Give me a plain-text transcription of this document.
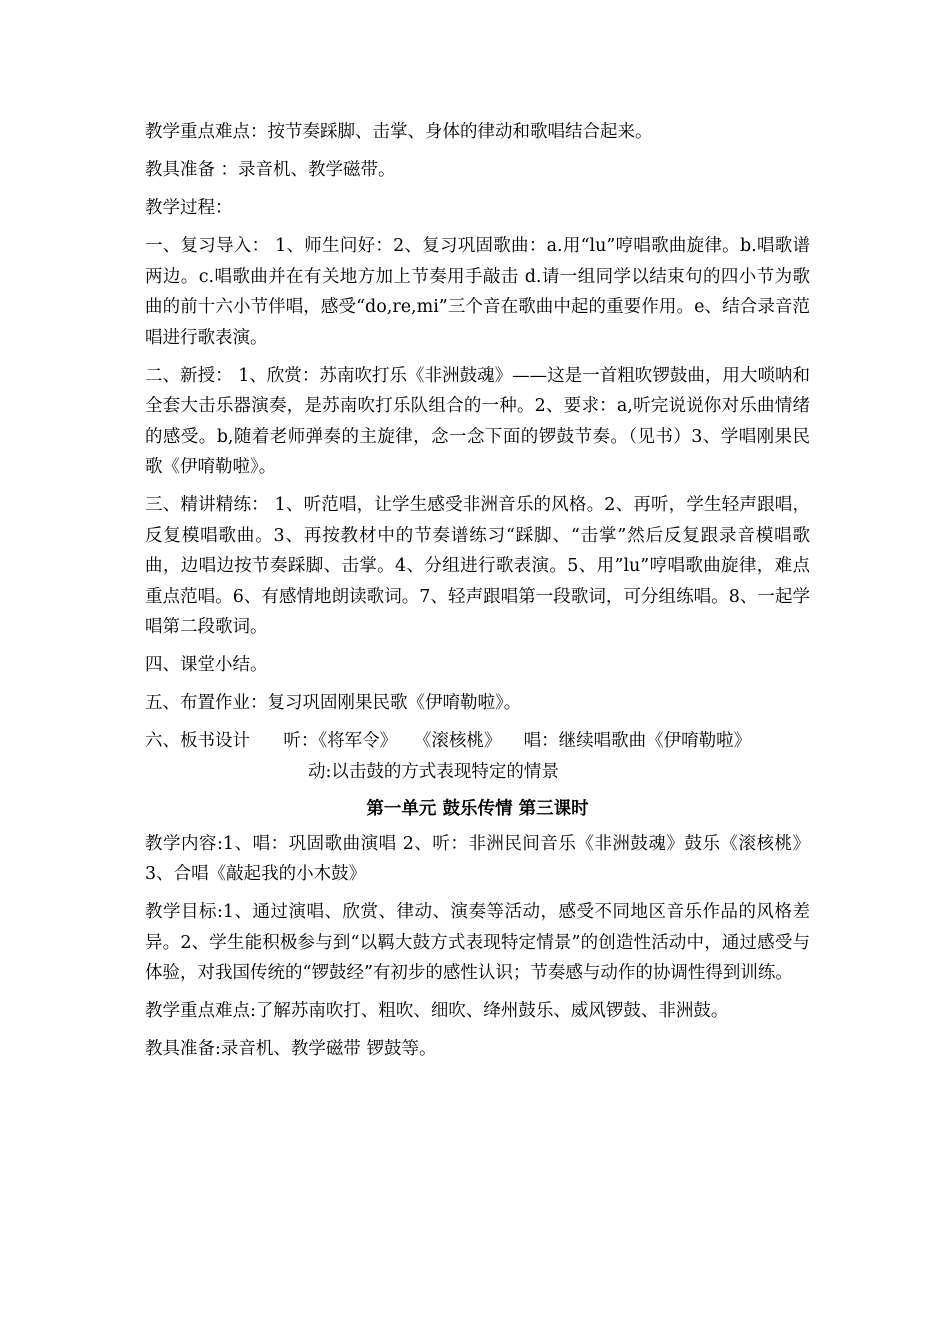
教学重点难点：按节奏踩脚、击掌、身体的律动和歌唱结合起来。

教具准备 ：录音机、教学磁带。

教学过程：

一、复习导入： 1、师生问好：2、复习巩固歌曲：a.用“lu”哼唱歌曲旋律。b.唱歌谱两边。c.唱歌曲并在有关地方加上节奏用手敲击 d.请一组同学以结束句的四小节为歌曲的前十六小节伴唱，感受“do,re,mi”三个音在歌曲中起的重要作用。e、结合录音范唱进行歌表演。

二、新授： 1、欣赏：苏南吹打乐《非洲鼓魂》——这是一首粗吹锣鼓曲，用大唢呐和全套大击乐器演奏，是苏南吹打乐队组合的一种。2、要求：a,听完说说你对乐曲情绪的感受。b,随着老师弹奏的主旋律，念一念下面的锣鼓节奏。（见书）3、学唱刚果民歌《伊唷勒啦》。

三、精讲精练： 1、听范唱，让学生感受非洲音乐的风格。2、再听，学生轻声跟唱，反复模唱歌曲。3、再按教材中的节奏谱练习“踩脚、“击掌”然后反复跟录音模唱歌曲，边唱边按节奏踩脚、击掌。4、分组进行歌表演。5、用”lu”哼唱歌曲旋律，难点重点范唱。6、有感情地朗读歌词。7、轻声跟唱第一段歌词，可分组练唱。8、一起学唱第二段歌词。

四、课堂小结。

五、布置作业：复习巩固刚果民歌《伊唷勒啦》。

六、板书设计      听：《将军令》   《滚核桃》    唱：继续唱歌曲《伊唷勒啦》

动:以击鼓的方式表现特定的情景

第一单元 鼓乐传情 第三课时

教学内容:1、唱：巩固歌曲演唱 2、听：非洲民间音乐《非洲鼓魂》鼓乐《滚核桃》3、合唱《敲起我的小木鼓》

教学目标:1、通过演唱、欣赏、律动、演奏等活动，感受不同地区音乐作品的风格差异。2、学生能积极参与到“以羁大鼓方式表现特定情景”的创造性活动中，通过感受与体验，对我国传统的“锣鼓经”有初步的感性认识；节奏感与动作的协调性得到训练。

教学重点难点:了解苏南吹打、粗吹、细吹、绛州鼓乐、威风锣鼓、非洲鼓。

教具准备:录音机、教学磁带 锣鼓等。
